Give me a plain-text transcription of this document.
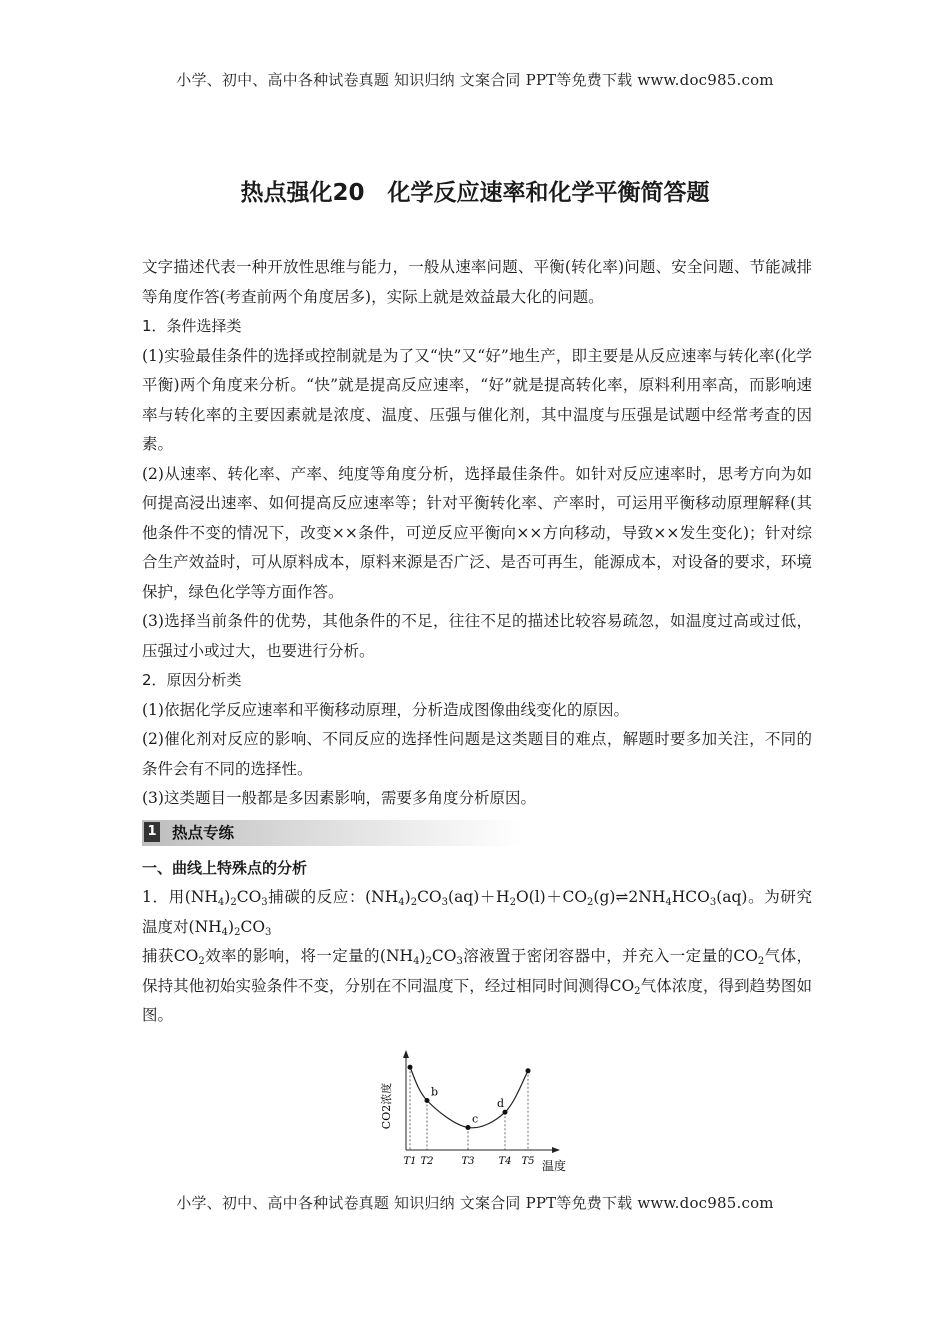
小学、初中、高中各种试卷真题 知识归纳 文案合同 PPT等免费下载 www.doc985.com
热点强化20　化学反应速率和化学平衡简答题

文字描述代表一种开放性思维与能力，一般从速率问题、平衡(转化率)问题、安全问题、节能减排等角度作答(考查前两个角度居多)，实际上就是效益最大化的问题。

1．条件选择类

(1)实验最佳条件的选择或控制就是为了又“快”又“好”地生产，即主要是从反应速率与转化率(化学平衡)两个角度来分析。“快”就是提高反应速率，“好”就是提高转化率，原料利用率高，而影响速率与转化率的主要因素就是浓度、温度、压强与催化剂，其中温度与压强是试题中经常考查的因素。

(2)从速率、转化率、产率、纯度等角度分析，选择最佳条件。如针对反应速率时，思考方向为如何提高浸出速率、如何提高反应速率等；针对平衡转化率、产率时，可运用平衡移动原理解释(其他条件不变的情况下，改变××条件，可逆反应平衡向××方向移动，导致××发生变化)；针对综合生产效益时，可从原料成本，原料来源是否广泛、是否可再生，能源成本，对设备的要求，环境保护，绿色化学等方面作答。

(3)选择当前条件的优势，其他条件的不足，往往不足的描述比较容易疏忽，如温度过高或过低，压强过小或过大，也要进行分析。

2．原因分析类

(1)依据化学反应速率和平衡移动原理，分析造成图像曲线变化的原因。

(2)催化剂对反应的影响、不同反应的选择性问题是这类题目的难点，解题时要多加关注，不同的条件会有不同的选择性。

(3)这类题目一般都是多因素影响，需要多角度分析原因。

1 热点专练

一、曲线上特殊点的分析

1．用$(NH_4)_2CO_3$捕碳的反应：$(NH_4)_2CO_3(aq)+H_2O(l)+CO_2(g)\rightleftharpoons 2NH_4HCO_3(aq)$。为研究温度对$(NH_4)_2CO_3$

捕获$CO_2$效率的影响，将一定量的$(NH_4)_2CO_3$溶液置于密闭容器中，并充入一定量的$CO_2$气体，保持其他初始实验条件不变，分别在不同温度下，经过相同时间测得$CO_2$气体浓度，得到趋势图如图。

CO2浓度
温度
T1
b
T2
c
T3
d
T4 T5
小学、初中、高中各种试卷真题 知识归纳 文案合同 PPT等免费下载 www.doc985.com
